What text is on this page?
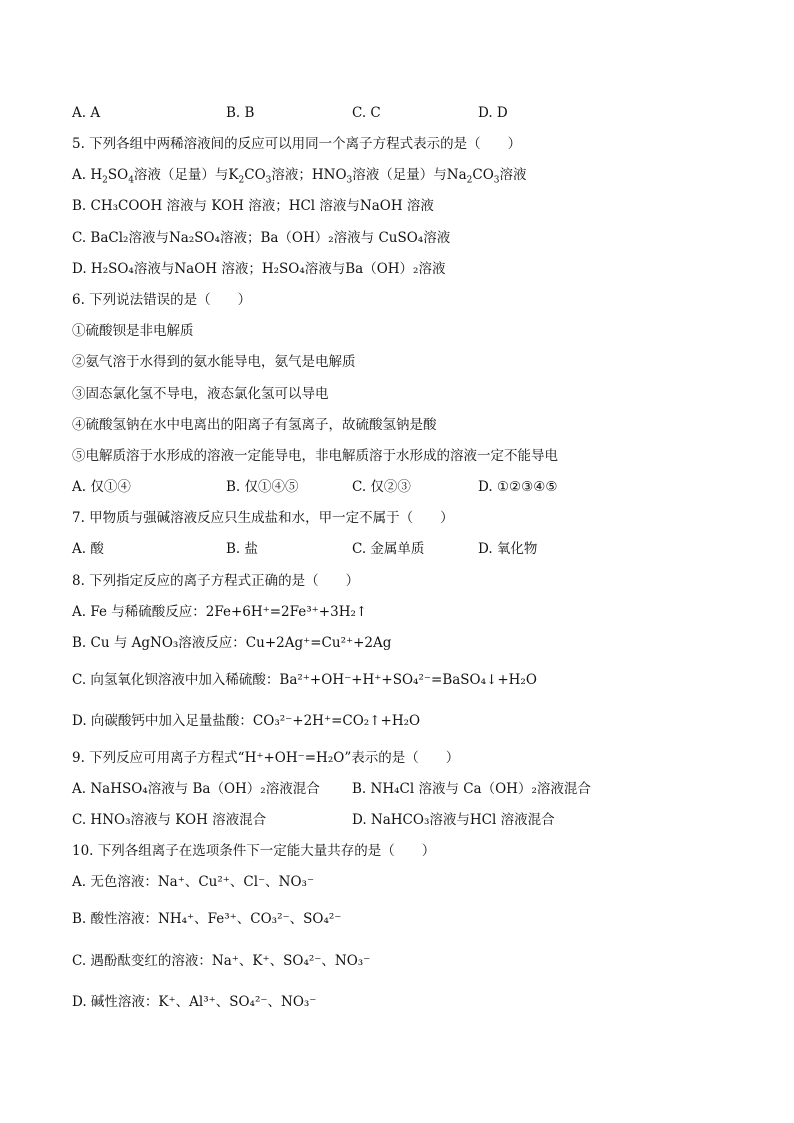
A. A	B. B	C. C	D. D
5. 下列各组中两稀溶液间的反应可以用同一个离子方程式表示的是（　　）
A. $H_2SO_4$溶液（足量）与$K_2CO_3$溶液；$HNO_3$溶液（足量）与$Na_2CO_3$溶液
B. CH₃COOH 溶液与 KOH 溶液；HCl 溶液与NaOH 溶液
C. BaCl₂溶液与Na₂SO₄溶液；Ba（OH）₂溶液与 CuSO₄溶液
D. H₂SO₄溶液与NaOH 溶液；H₂SO₄溶液与Ba（OH）₂溶液
6. 下列说法错误的是（　　）
①硫酸钡是非电解质
②氨气溶于水得到的氨水能导电，氨气是电解质
③固态氯化氢不导电，液态氯化氢可以导电
④硫酸氢钠在水中电离出的阳离子有氢离子，故硫酸氢钠是酸
⑤电解质溶于水形成的溶液一定能导电，非电解质溶于水形成的溶液一定不能导电
A. 仅①④	B. 仅①④⑤	C. 仅②③	D. ①②③④⑤
7. 甲物质与强碱溶液反应只生成盐和水，甲一定不属于（　　）
A. 酸	B. 盐	C. 金属单质	D. 氧化物
8. 下列指定反应的离子方程式正确的是（　　）
A. Fe 与稀硫酸反应：2Fe+6H⁺=2Fe³⁺+3H₂↑
B. Cu 与 AgNO₃溶液反应：Cu+2Ag⁺=Cu²⁺+2Ag
C. 向氢氧化钡溶液中加入稀硫酸：Ba²⁺+OH⁻+H⁺+SO₄²⁻=BaSO₄↓+H₂O
D. 向碳酸钙中加入足量盐酸：CO₃²⁻+2H⁺=CO₂↑+H₂O
9. 下列反应可用离子方程式“H⁺+OH⁻=H₂O”表示的是（　　）
A. NaHSO₄溶液与 Ba（OH）₂溶液混合 B. NH₄Cl 溶液与 Ca（OH）₂溶液混合
C. HNO₃溶液与 KOH 溶液混合	D. NaHCO₃溶液与HCl 溶液混合
10. 下列各组离子在选项条件下一定能大量共存的是（　　）
A. 无色溶液：Na⁺、Cu²⁺、Cl⁻、NO₃⁻
B. 酸性溶液：NH₄⁺、Fe³⁺、CO₃²⁻、SO₄²⁻
C. 遇酚酞变红的溶液：Na⁺、K⁺、SO₄²⁻、NO₃⁻
D. 碱性溶液：K⁺、Al³⁺、SO₄²⁻、NO₃⁻
